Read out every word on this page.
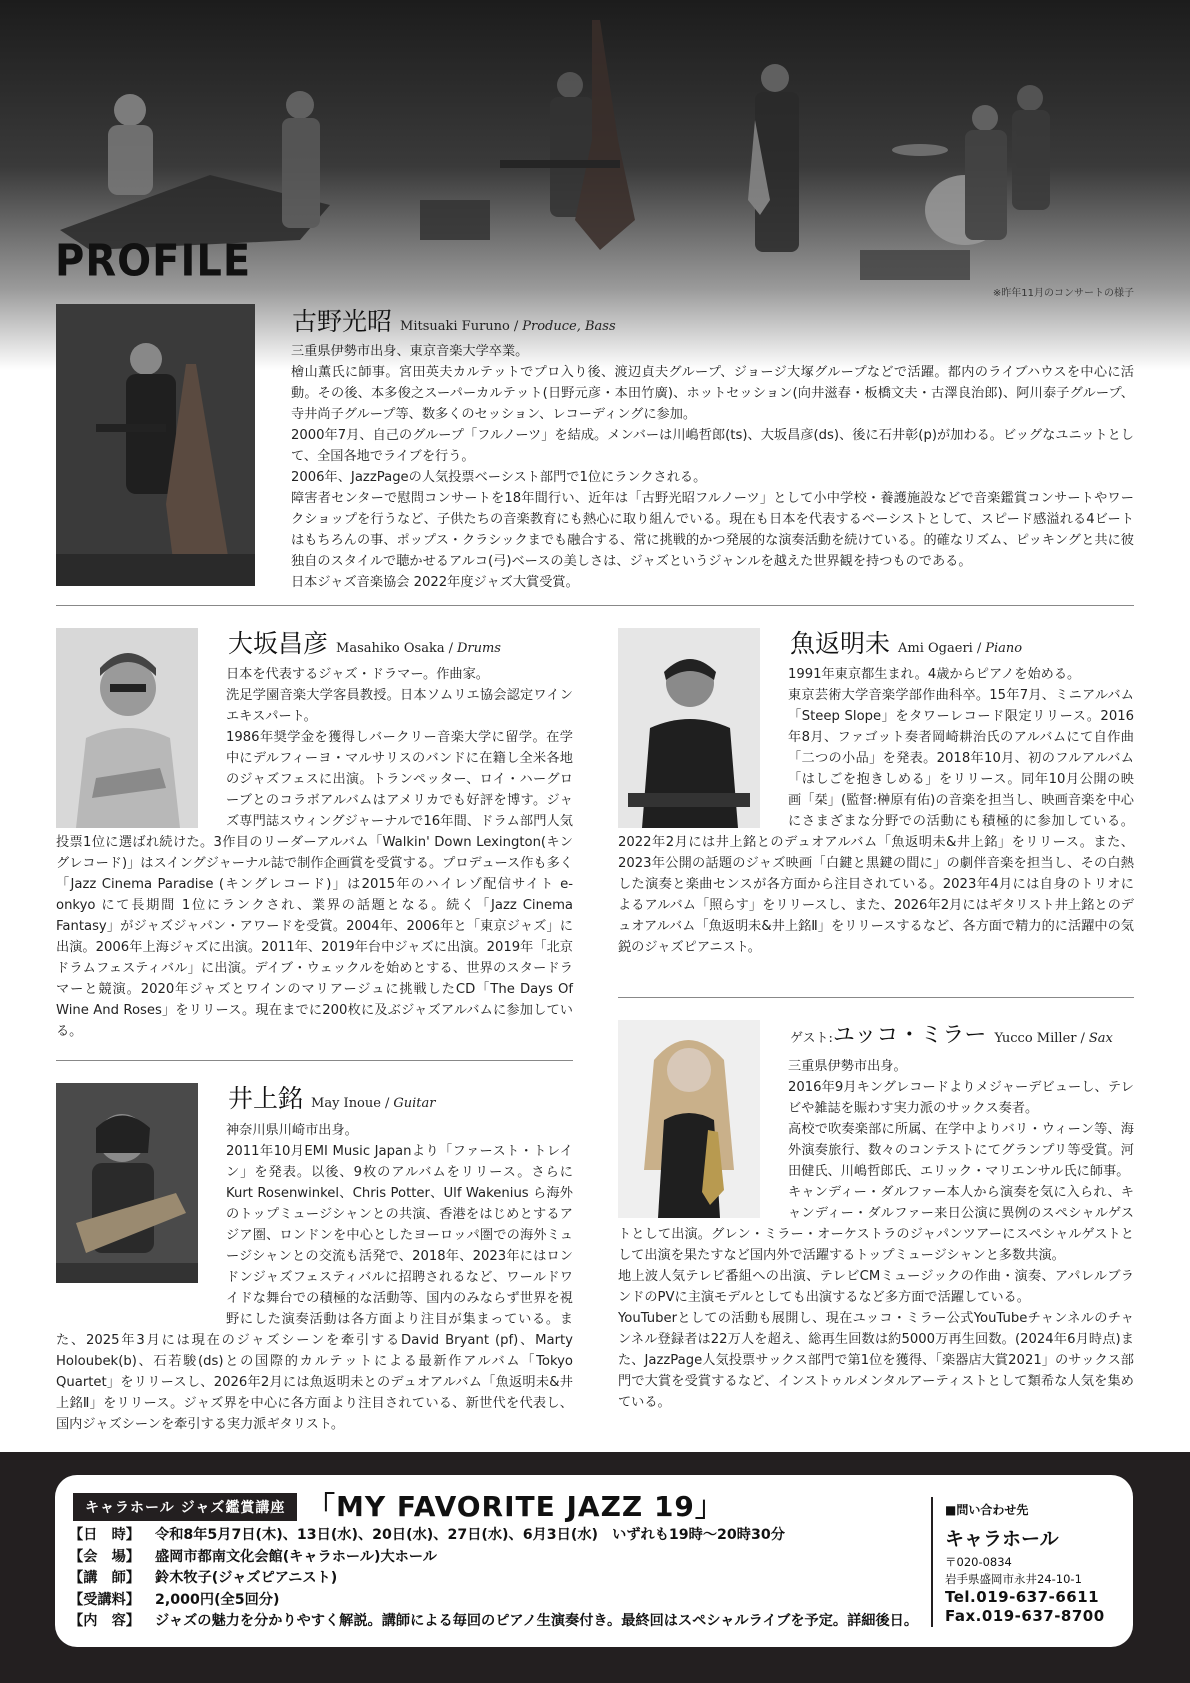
PROFILE
※昨年11月のコンサートの様子
古野光昭 Mitsuaki Furuno / Produce, Bass

三重県伊勢市出身、東京音楽大学卒業。

檜山薫氏に師事。宮田英夫カルテットでプロ入り後、渡辺貞夫グループ、ジョージ大塚グループなどで活躍。都内のライブハウスを中心に活動。その後、本多俊之スーパーカルテット(日野元彦・本田竹廣)、ホットセッション(向井滋春・板橋文夫・古澤良治郎)、阿川泰子グループ、寺井尚子グループ等、数多くのセッション、レコーディングに参加。

2000年7月、自己のグループ「フルノーツ」を結成。メンバーは川嶋哲郎(ts)、大坂昌彦(ds)、後に石井彰(p)が加わる。ビッグなユニットとして、全国各地でライブを行う。

2006年、JazzPageの人気投票ベーシスト部門で1位にランクされる。

障害者センターで慰問コンサートを18年間行い、近年は「古野光昭フルノーツ」として小中学校・養護施設などで音楽鑑賞コンサートやワークショップを行うなど、子供たちの音楽教育にも熱心に取り組んでいる。現在も日本を代表するベーシストとして、スピード感溢れる4ビートはもちろんの事、ポップス・クラシックまでも融合する、常に挑戦的かつ発展的な演奏活動を続けている。的確なリズム、ピッキングと共に彼独自のスタイルで聴かせるアルコ(弓)ベースの美しさは、ジャズというジャンルを越えた世界観を持つものである。

日本ジャズ音楽協会 2022年度ジャズ大賞受賞。

大坂昌彦 Masahiko Osaka / Drums

日本を代表するジャズ・ドラマー。作曲家。

洗足学園音楽大学客員教授。日本ソムリエ協会認定ワインエキスパート。

1986年奨学金を獲得しバークリー音楽大学に留学。在学中にデルフィーヨ・マルサリスのバンドに在籍し全米各地のジャズフェスに出演。トランペッター、ロイ・ハーグローブとのコラボアルバムはアメリカでも好評を博す。ジャズ専門誌スウィングジャーナルで16年間、ドラム部門人気投票1位に選ばれ続けた。3作目のリーダーアルバム「Walkin' Down Lexington(キングレコード)」はスイングジャーナル誌で制作企画賞を受賞する。プロデュース作も多く「Jazz Cinema Paradise (キングレコード)」は2015年のハイレゾ配信サイト e-onkyo にて長期間 1位にランクされ、業界の話題となる。続く「Jazz Cinema Fantasy」がジャズジャパン・アワードを受賞。2004年、2006年と「東京ジャズ」に出演。2006年上海ジャズに出演。2011年、2019年台中ジャズに出演。2019年「北京ドラムフェスティバル」に出演。デイブ・ウェックルを始めとする、世界のスタードラマーと競演。2020年ジャズとワインのマリアージュに挑戦したCD「The Days Of Wine And Roses」をリリース。現在までに200枚に及ぶジャズアルバムに参加している。

井上銘 May Inoue / Guitar

神奈川県川崎市出身。

2011年10月EMI Music Japanより「ファースト・トレイン」を発表。以後、9枚のアルバムをリリース。さらにKurt Rosenwinkel、Chris Potter、Ulf Wakenius ら海外のトップミュージシャンとの共演、香港をはじめとするアジア圏、ロンドンを中心としたヨーロッパ圏での海外ミュージシャンとの交流も活発で、2018年、2023年にはロンドンジャズフェスティバルに招聘されるなど、ワールドワイドな舞台での積極的な活動等、国内のみならず世界を視野にした演奏活動は各方面より注目が集まっている。また、2025年3月には現在のジャズシーンを牽引するDavid Bryant (pf)、Marty Holoubek(b)、石若駿(ds)との国際的カルテットによる最新作アルバム「Tokyo Quartet」をリリースし、2026年2月には魚返明未とのデュオアルバム「魚返明未&井上銘Ⅱ」をリリース。ジャズ界を中心に各方面より注目されている、新世代を代表し、国内ジャズシーンを牽引する実力派ギタリスト。

魚返明未 Ami Ogaeri / Piano

1991年東京都生まれ。4歳からピアノを始める。

東京芸術大学音楽学部作曲科卒。15年7月、ミニアルバム「Steep Slope」をタワーレコード限定リリース。2016年8月、ファゴット奏者岡崎耕治氏のアルバムにて自作曲「二つの小品」を発表。2018年10月、初のフルアルバム「はしごを抱きしめる」をリリース。同年10月公開の映画「栞」(監督:榊原有佑)の音楽を担当し、映画音楽を中心にさまざまな分野での活動にも積極的に参加している。2022年2月には井上銘とのデュオアルバム「魚返明未&井上銘」をリリース。また、2023年公開の話題のジャズ映画「白鍵と黒鍵の間に」の劇伴音楽を担当し、その白熱した演奏と楽曲センスが各方面から注目されている。2023年4月には自身のトリオによるアルバム「照らす」をリリースし、また、2026年2月にはギタリスト井上銘とのデュオアルバム「魚返明未&井上銘Ⅱ」をリリースするなど、各方面で精力的に活躍中の気鋭のジャズピアニスト。

ゲスト:ユッコ・ミラー Yucco Miller / Sax

三重県伊勢市出身。

2016年9月キングレコードよりメジャーデビューし、テレビや雑誌を賑わす実力派のサックス奏者。

高校で吹奏楽部に所属、在学中よりバリ・ウィーン等、海外演奏旅行、数々のコンテストにてグランプリ等受賞。河田健氏、川嶋哲郎氏、エリック・マリエンサル氏に師事。

キャンディー・ダルファー本人から演奏を気に入られ、キャンディー・ダルファー来日公演に異例のスペシャルゲストとして出演。グレン・ミラー・オーケストラのジャパンツアーにスペシャルゲストとして出演を果たすなど国内外で活躍するトップミュージシャンと多数共演。

地上波人気テレビ番組への出演、テレビCMミュージックの作曲・演奏、アパレルブランドのPVに主演モデルとしても出演するなど多方面で活躍している。

YouTuberとしての活動も展開し、現在ユッコ・ミラー公式YouTubeチャンネルのチャンネル登録者は22万人を超え、総再生回数は約5000万再生回数。(2024年6月時点)また、JazzPage人気投票サックス部門で第1位を獲得、「楽器店大賞2021」のサックス部門で大賞を受賞するなど、インストゥルメンタルアーティストとして類希な人気を集めている。

キャラホール ジャズ鑑賞講座 「MY FAVORITE JAZZ 19」
【日　時】 令和8年5月7日(木)、13日(水)、20日(水)、27日(水)、6月3日(水)　いずれも19時〜20時30分
【会　場】 盛岡市都南文化会館(キャラホール)大ホール
【講　師】 鈴木牧子(ジャズピアニスト)
【受講料】 2,000円(全5回分)
【内　容】 ジャズの魅力を分かりやすく解説。講師による毎回のピアノ生演奏付き。最終回はスペシャルライブを予定。詳細後日。
■問い合わせ先
キャラホール
〒020-0834
岩手県盛岡市永井24-10-1
Tel.019-637-6611
Fax.019-637-8700
